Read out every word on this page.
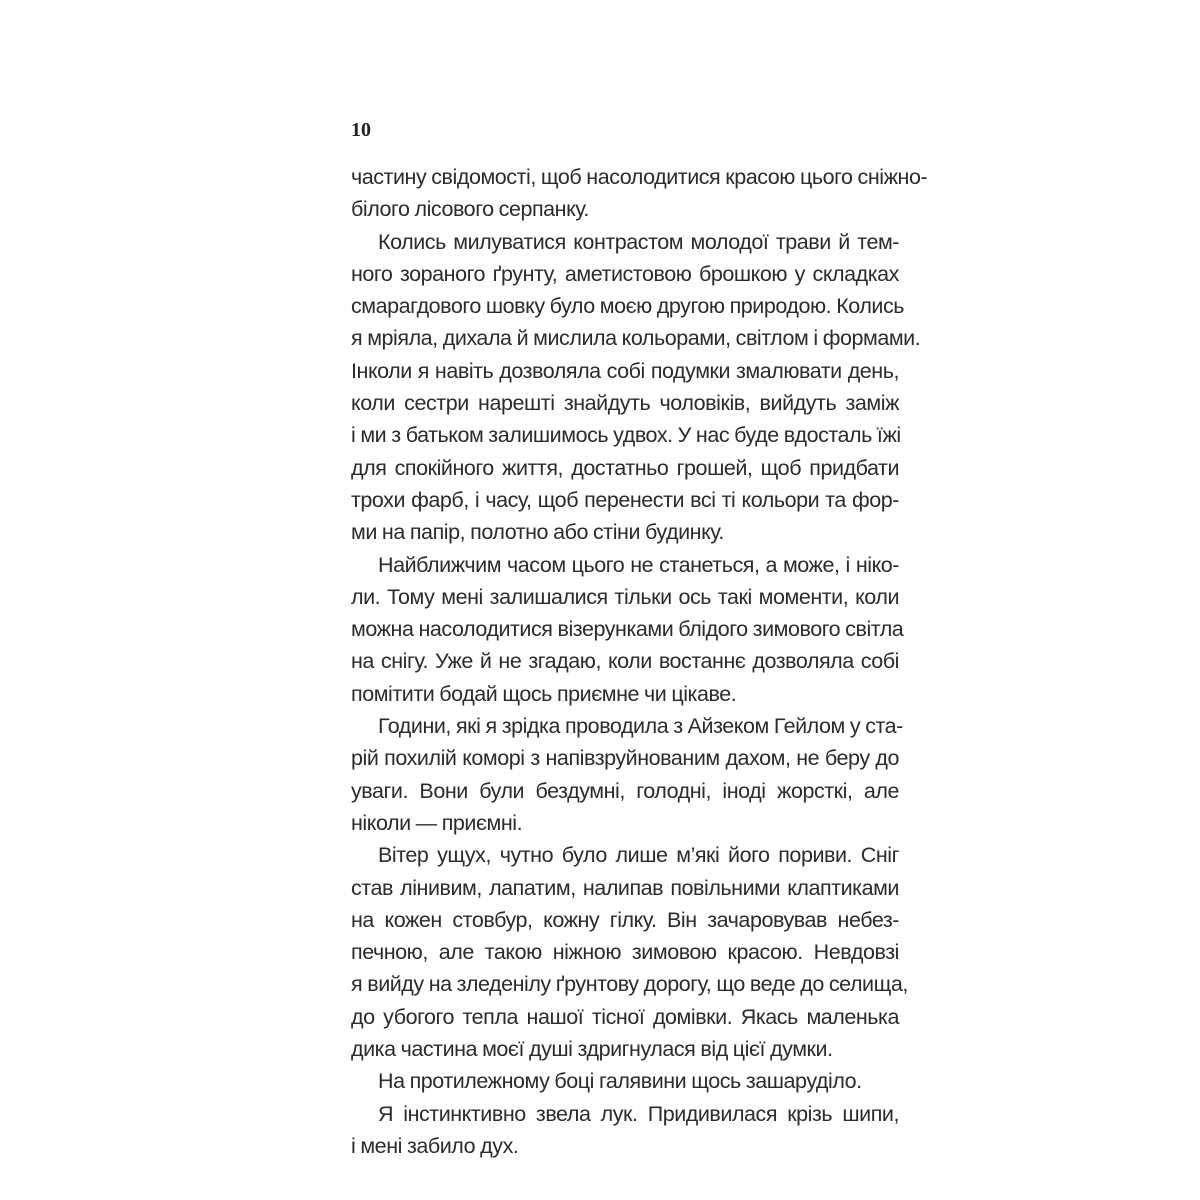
10
частину свідомості, щоб насолодитися красою цього сніжно-
білого лісового серпанку.
Колись милуватися контрастом молодої трави й тем-
ного зораного ґрунту, аметистовою брошкою у складках
смарагдового шовку було моєю другою природою. Колись
я мріяла, дихала й мислила кольорами, світлом і формами.
Інколи я навіть дозволяла собі подумки змалювати день,
коли сестри нарешті знайдуть чоловіків, вийдуть заміж
і ми з батьком залишимось удвох. У нас буде вдосталь їжі
для спокійного життя, достатньо грошей, щоб придбати
трохи фарб, і часу, щоб перенести всі ті кольори та фор-
ми на папір, полотно або стіни будинку.
Найближчим часом цього не станеться, а може, і ніко-
ли. Тому мені залишалися тільки ось такі моменти, коли
можна насолодитися візерунками блідого зимового світла
на снігу. Уже й не згадаю, коли востаннє дозволяла собі
помітити бодай щось приємне чи цікаве.
Години, які я зрідка проводила з Айзеком Гейлом у ста-
рій похилій коморі з напівзруйнованим дахом, не беру до
уваги. Вони були бездумні, голодні, іноді жорсткі, але
ніколи — приємні.
Вітер ущух, чутно було лише м’які його пориви. Сніг
став лінивим, лапатим, налипав повільними клаптиками
на кожен стовбур, кожну гілку. Він зачаровував небез-
печною, але такою ніжною зимовою красою. Невдовзі
я вийду на зледенілу ґрунтову дорогу, що веде до селища,
до убогого тепла нашої тісної домівки. Якась маленька
дика частина моєї душі здригнулася від цієї думки.
На протилежному боці галявини щось зашаруділо.
Я інстинктивно звела лук. Придивилася крізь шипи,
і мені забило дух.
